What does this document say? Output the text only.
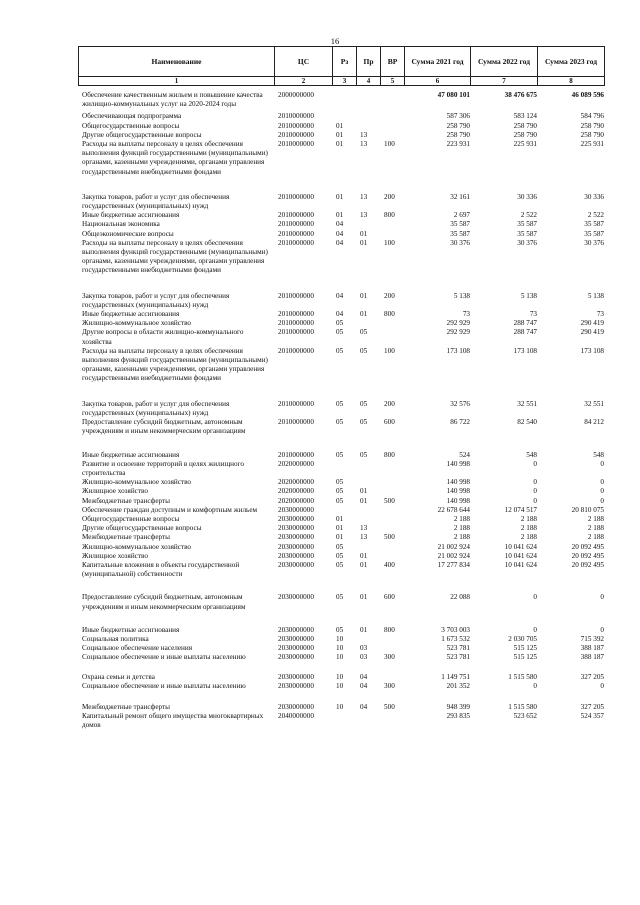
16
Наименование	ЦС	Рз	Пр	ВР	Сумма 2021 год	Сумма 2022 год	Сумма 2023 год
1	2	3	4	5	6	7	8
Обеспечение качественным жильем и повышение качества жилищно-коммунальных услуг на 2020-2024 годы	2000000000				47 080 101	38 476 675	46 089 596
Обеспечивающая подпрограмма	2010000000				587 306	583 124	584 796
Общегосударственные вопросы	2010000000	01			258 790	258 790	258 790
Другие общегосударственные вопросы	2010000000	01	13		258 790	258 790	258 790
Расходы на выплаты персоналу в целях обеспечения выполнения функций государственными (муниципальными) органами, казенными учреждениями, органами управления государственными внебюджетными фондами	2010000000	01	13	100	223 931	225 931	225 931
Закупка товаров, работ и услуг для обеспечения государственных (муниципальных) нужд	2010000000	01	13	200	32 161	30 336	30 336
Иные бюджетные ассигнования	2010000000	01	13	800	2 697	2 522	2 522
Национальная экономика	2010000000	04			35 587	35 587	35 587
Общеэкономические вопросы	2010000000	04	01		35 587	35 587	35 587
Расходы на выплаты персоналу в целях обеспечения выполнения функций государственными (муниципальными) органами, казенными учреждениями, органами управления государственными внебюджетными фондами	2010000000	04	01	100	30 376	30 376	30 376
Закупка товаров, работ и услуг для обеспечения государственных (муниципальных) нужд	2010000000	04	01	200	5 138	5 138	5 138
Иные бюджетные ассигнования	2010000000	04	01	800	73	73	73
Жилищно-коммунальное хозяйство	2010000000	05			292 929	288 747	290 419
Другие вопросы в области жилищно-коммунального хозяйства	2010000000	05	05		292 929	288 747	290 419
Расходы на выплаты персоналу в целях обеспечения выполнения функций государственными (муниципальными) органами, казенными учреждениями, органами управления государственными внебюджетными фондами	2010000000	05	05	100	173 108	173 108	173 108
Закупка товаров, работ и услуг для обеспечения государственных (муниципальных) нужд	2010000000	05	05	200	32 576	32 551	32 551
Предоставление субсидий бюджетным, автономным учреждениям и иным некоммерческим организациям	2010000000	05	05	600	86 722	82 540	84 212
Иные бюджетные ассигнования	2010000000	05	05	800	524	548	548
Развитие и освоение территорий в целях жилищного строительства	2020000000				140 998	0	0
Жилищно-коммунальное хозяйство	2020000000	05			140 998	0	0
Жилищное хозяйство	2020000000	05	01		140 998	0	0
Межбюджетные трансферты	2020000000	05	01	500	140 998	0	0
Обеспечение граждан доступным и комфортным жильем	2030000000				22 678 644	12 074 517	20 810 075
Общегосударственные вопросы	2030000000	01			2 188	2 188	2 188
Другие общегосударственные вопросы	2030000000	01	13		2 188	2 188	2 188
Межбюджетные трансферты	2030000000	01	13	500	2 188	2 188	2 188
Жилищно-коммунальное хозяйство	2030000000	05			21 002 924	10 041 624	20 092 495
Жилищное хозяйство	2030000000	05	01		21 002 924	10 041 624	20 092 495
Капитальные вложения в объекты государственной (муниципальной) собственности	2030000000	05	01	400	17 277 834	10 041 624	20 092 495
Предоставление субсидий бюджетным, автономным учреждениям и иным некоммерческим организациям	2030000000	05	01	600	22 088	0	0
Иные бюджетные ассигнования	2030000000	05	01	800	3 703 003	0	0
Социальная политика	2030000000	10			1 673 532	2 030 705	715 392
Социальное обеспечение населения	2030000000	10	03		523 781	515 125	388 187
Социальное обеспечение и иные выплаты населению	2030000000	10	03	300	523 781	515 125	388 187
Охрана семьи и детства	2030000000	10	04		1 149 751	1 515 580	327 205
Социальное обеспечение и иные выплаты населению	2030000000	10	04	300	201 352	0	0
Межбюджетные трансферты	2030000000	10	04	500	948 399	1 515 580	327 205
Капитальный ремонт общего имущества многоквартирных домов	2040000000				293 835	523 652	524 357
